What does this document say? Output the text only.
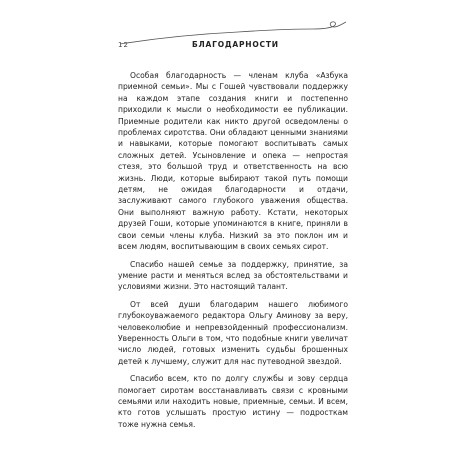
12	БЛАГОДАРНОСТИ

Особая благодарность — членам клуба «Азбука приемной семьи». Мы с Гошей чувствовали поддержку на каждом этапе создания книги и постепенно приходили к мысли о необходимости ее публикации. Приемные родители как никто другой осведомлены о проблемах сиротства. Они обладают ценными знаниями и навыками, которые помогают воспитывать самых сложных детей. Усыновление и опека — непростая стезя, это большой труд и ответственность на всю жизнь. Люди, которые выбирают такой путь помощи детям, не ожидая благодарности и отдачи, заслуживают самого глубокого уважения общества. Они выполняют важную работу. Кстати, некоторых друзей Гоши, которые упоминаются в книге, приняли в свои семьи члены клуба. Низкий за это поклон им и всем людям, воспитывающим в своих семьях сирот.

Спасибо нашей семье за поддержку, принятие, за умение расти и меняться вслед за обстоятельствами и условиями жизни. Это настоящий талант.

От всей души благодарим нашего любимого глубокоуважаемого редактора Ольгу Аминову за веру, человеколюбие и непревзойденный профессионализм. Уверенность Ольги в том, что подобные книги увеличат число людей, готовых изменить судьбы брошенных детей к лучшему, служит для нас путеводной звездой.

Спасибо всем, кто по долгу службы и зову сердца помогает сиротам восстанавливать связи с кровными семьями или находить новые, приемные, семьи. И всем, кто готов услышать простую истину — подросткам тоже нужна семья.
